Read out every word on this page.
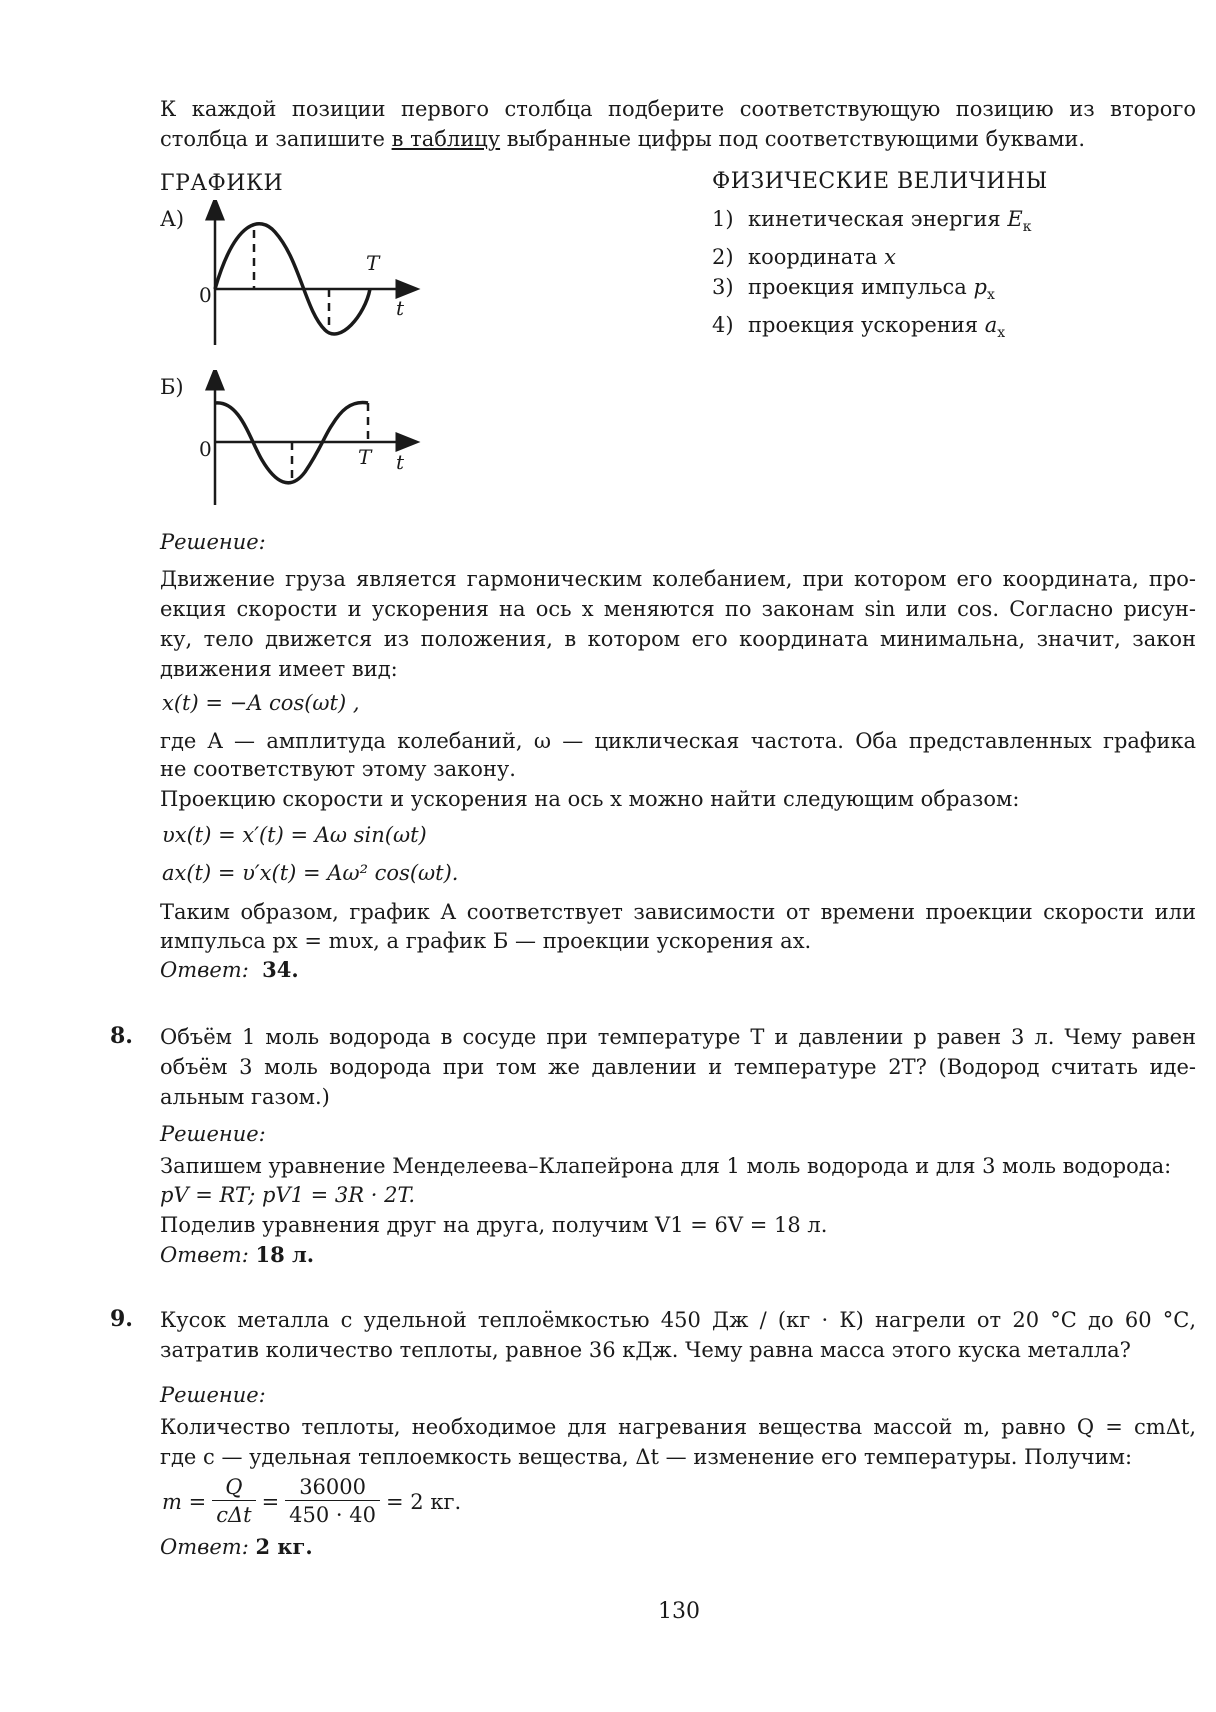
К каждой позиции первого столбца подберите соответствующую позицию из второго
столбца и запишите в таблицу выбранные цифры под соответствующими буквами.
ГРАФИКИ	ФИЗИЧЕСКИЕ ВЕЛИЧИНЫ
1) кинетическая энергия $E_к$
2) координата x
3) проекция импульса $p_x$
4) проекция ускорения $a_x$
А)
0
T
t
Б)
0	T t
Решение:
Движение груза является гармоническим колебанием, при котором его координата, про-
екция скорости и ускорения на ось x меняются по законам sin или cos. Согласно рисун-
ку, тело движется из положения, в котором его координата минимальна, значит, закон
движения имеет вид:
x(t) = −A cos(ωt) ,
где A — амплитуда колебаний, ω — циклическая частота. Оба представленных графика
не соответствуют этому закону.
Проекцию скорости и ускорения на ось x можно найти следующим образом:
υx(t) = x′(t) = Aω sin(ωt)
ax(t) = υ′x(t) = Aω² cos(ωt).
Таким образом, график А соответствует зависимости от времени проекции скорости или
импульса px = mυx, а график Б — проекции ускорения ax.
Ответ: 34.
8. Объём 1 моль водорода в сосуде при температуре T и давлении p равен 3 л. Чему равен
объём 3 моль водорода при том же давлении и температуре 2T? (Водород считать иде-
альным газом.)
Решение:
Запишем уравнение Менделеева–Клапейрона для 1 моль водорода и для 3 моль водорода:
pV = RT; pV1 = 3R · 2T.
Поделив уравнения друг на друга, получим V1 = 6V = 18 л.
Ответ: 18 л.
9. Кусок металла с удельной теплоёмкостью 450 Дж / (кг · К) нагрели от 20 °С до 60 °С,
затратив количество теплоты, равное 36 кДж. Чему равна масса этого куска металла?
Решение:
Количество теплоты, необходимое для нагревания вещества массой m, равно Q = cmΔt,
где c — удельная теплоемкость вещества, Δt — изменение его температуры. Получим:
$m = \frac{Q}{\text{cΔt}} = \frac{36000}{450 \cdot 40} = 2$ кг.
Ответ: 2 кг.
130
